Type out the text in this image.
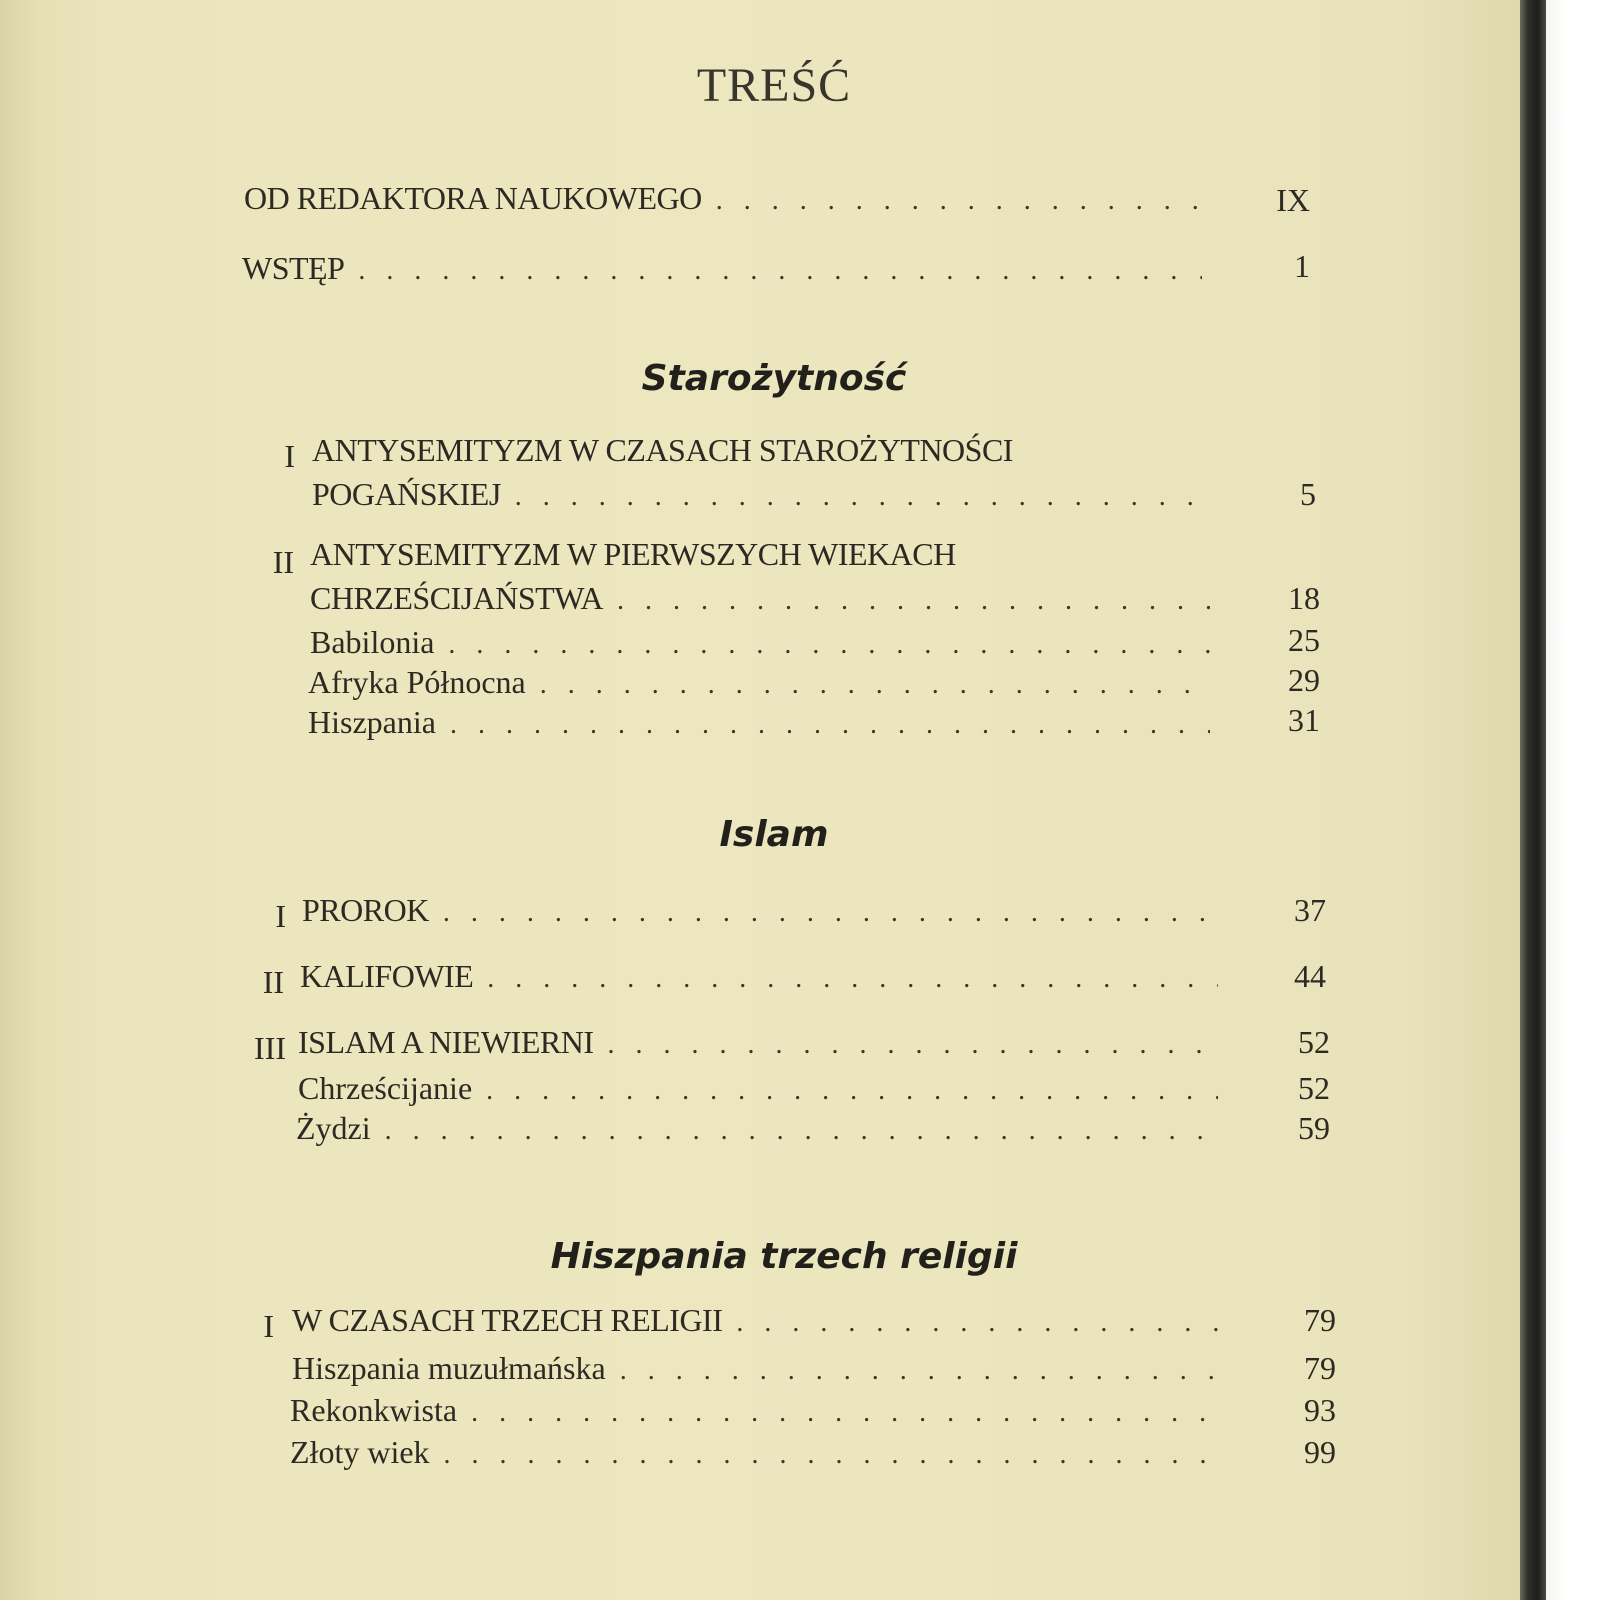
TREŚĆ
OD REDAKTORA NAUKOWEGO . . .	IX
WSTĘP . . .	1
Starożytność
I ANTYSEMITYZM W CZASACH STAROŻYTNOŚCI
POGAŃSKIEJ . . .	5
II ANTYSEMITYZM W PIERWSZYCH WIEKACH
CHRZEŚCIJAŃSTWA . . .	18
Babilonia . . .	25
Afryka Północna . . .	29
Hiszpania . . .	31
Islam
I PROROK . . .	37
II KALIFOWIE . . .	44
III ISLAM A NIEWIERNI . . .	52
Chrześcijanie . . .	52
Żydzi . . .	59
Hiszpania trzech religii
I W CZASACH TRZECH RELIGII . . .	79
Hiszpania muzułmańska . . .	79
Rekonkwista . . .	93
Złoty wiek . . .	99
